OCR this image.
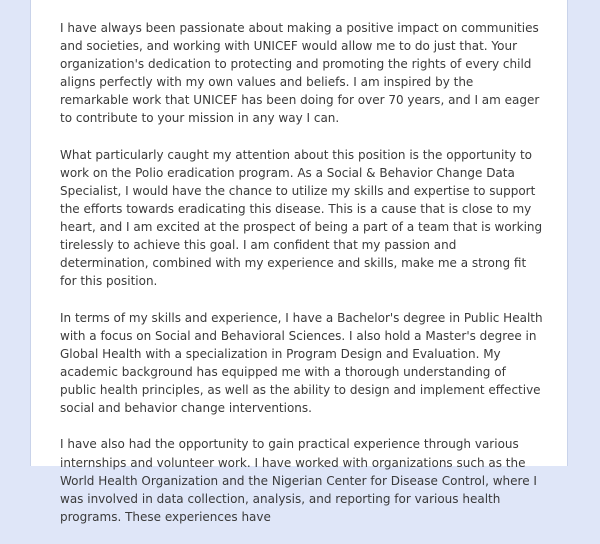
I have always been passionate about making a positive impact on communities and societies, and working with UNICEF would allow me to do just that. Your organization's dedication to protecting and promoting the rights of every child aligns perfectly with my own values and beliefs. I am inspired by the remarkable work that UNICEF has been doing for over 70 years, and I am eager to contribute to your mission in any way I can.

What particularly caught my attention about this position is the opportunity to work on the Polio eradication program. As a Social & Behavior Change Data Specialist, I would have the chance to utilize my skills and expertise to support the efforts towards eradicating this disease. This is a cause that is close to my heart, and I am excited at the prospect of being a part of a team that is working tirelessly to achieve this goal. I am confident that my passion and determination, combined with my experience and skills, make me a strong fit for this position.

In terms of my skills and experience, I have a Bachelor's degree in Public Health with a focus on Social and Behavioral Sciences. I also hold a Master's degree in Global Health with a specialization in Program Design and Evaluation. My academic background has equipped me with a thorough understanding of public health principles, as well as the ability to design and implement effective social and behavior change interventions.

I have also had the opportunity to gain practical experience through various internships and volunteer work. I have worked with organizations such as the World Health Organization and the Nigerian Center for Disease Control, where I was involved in data collection, analysis, and reporting for various health programs. These experiences have
